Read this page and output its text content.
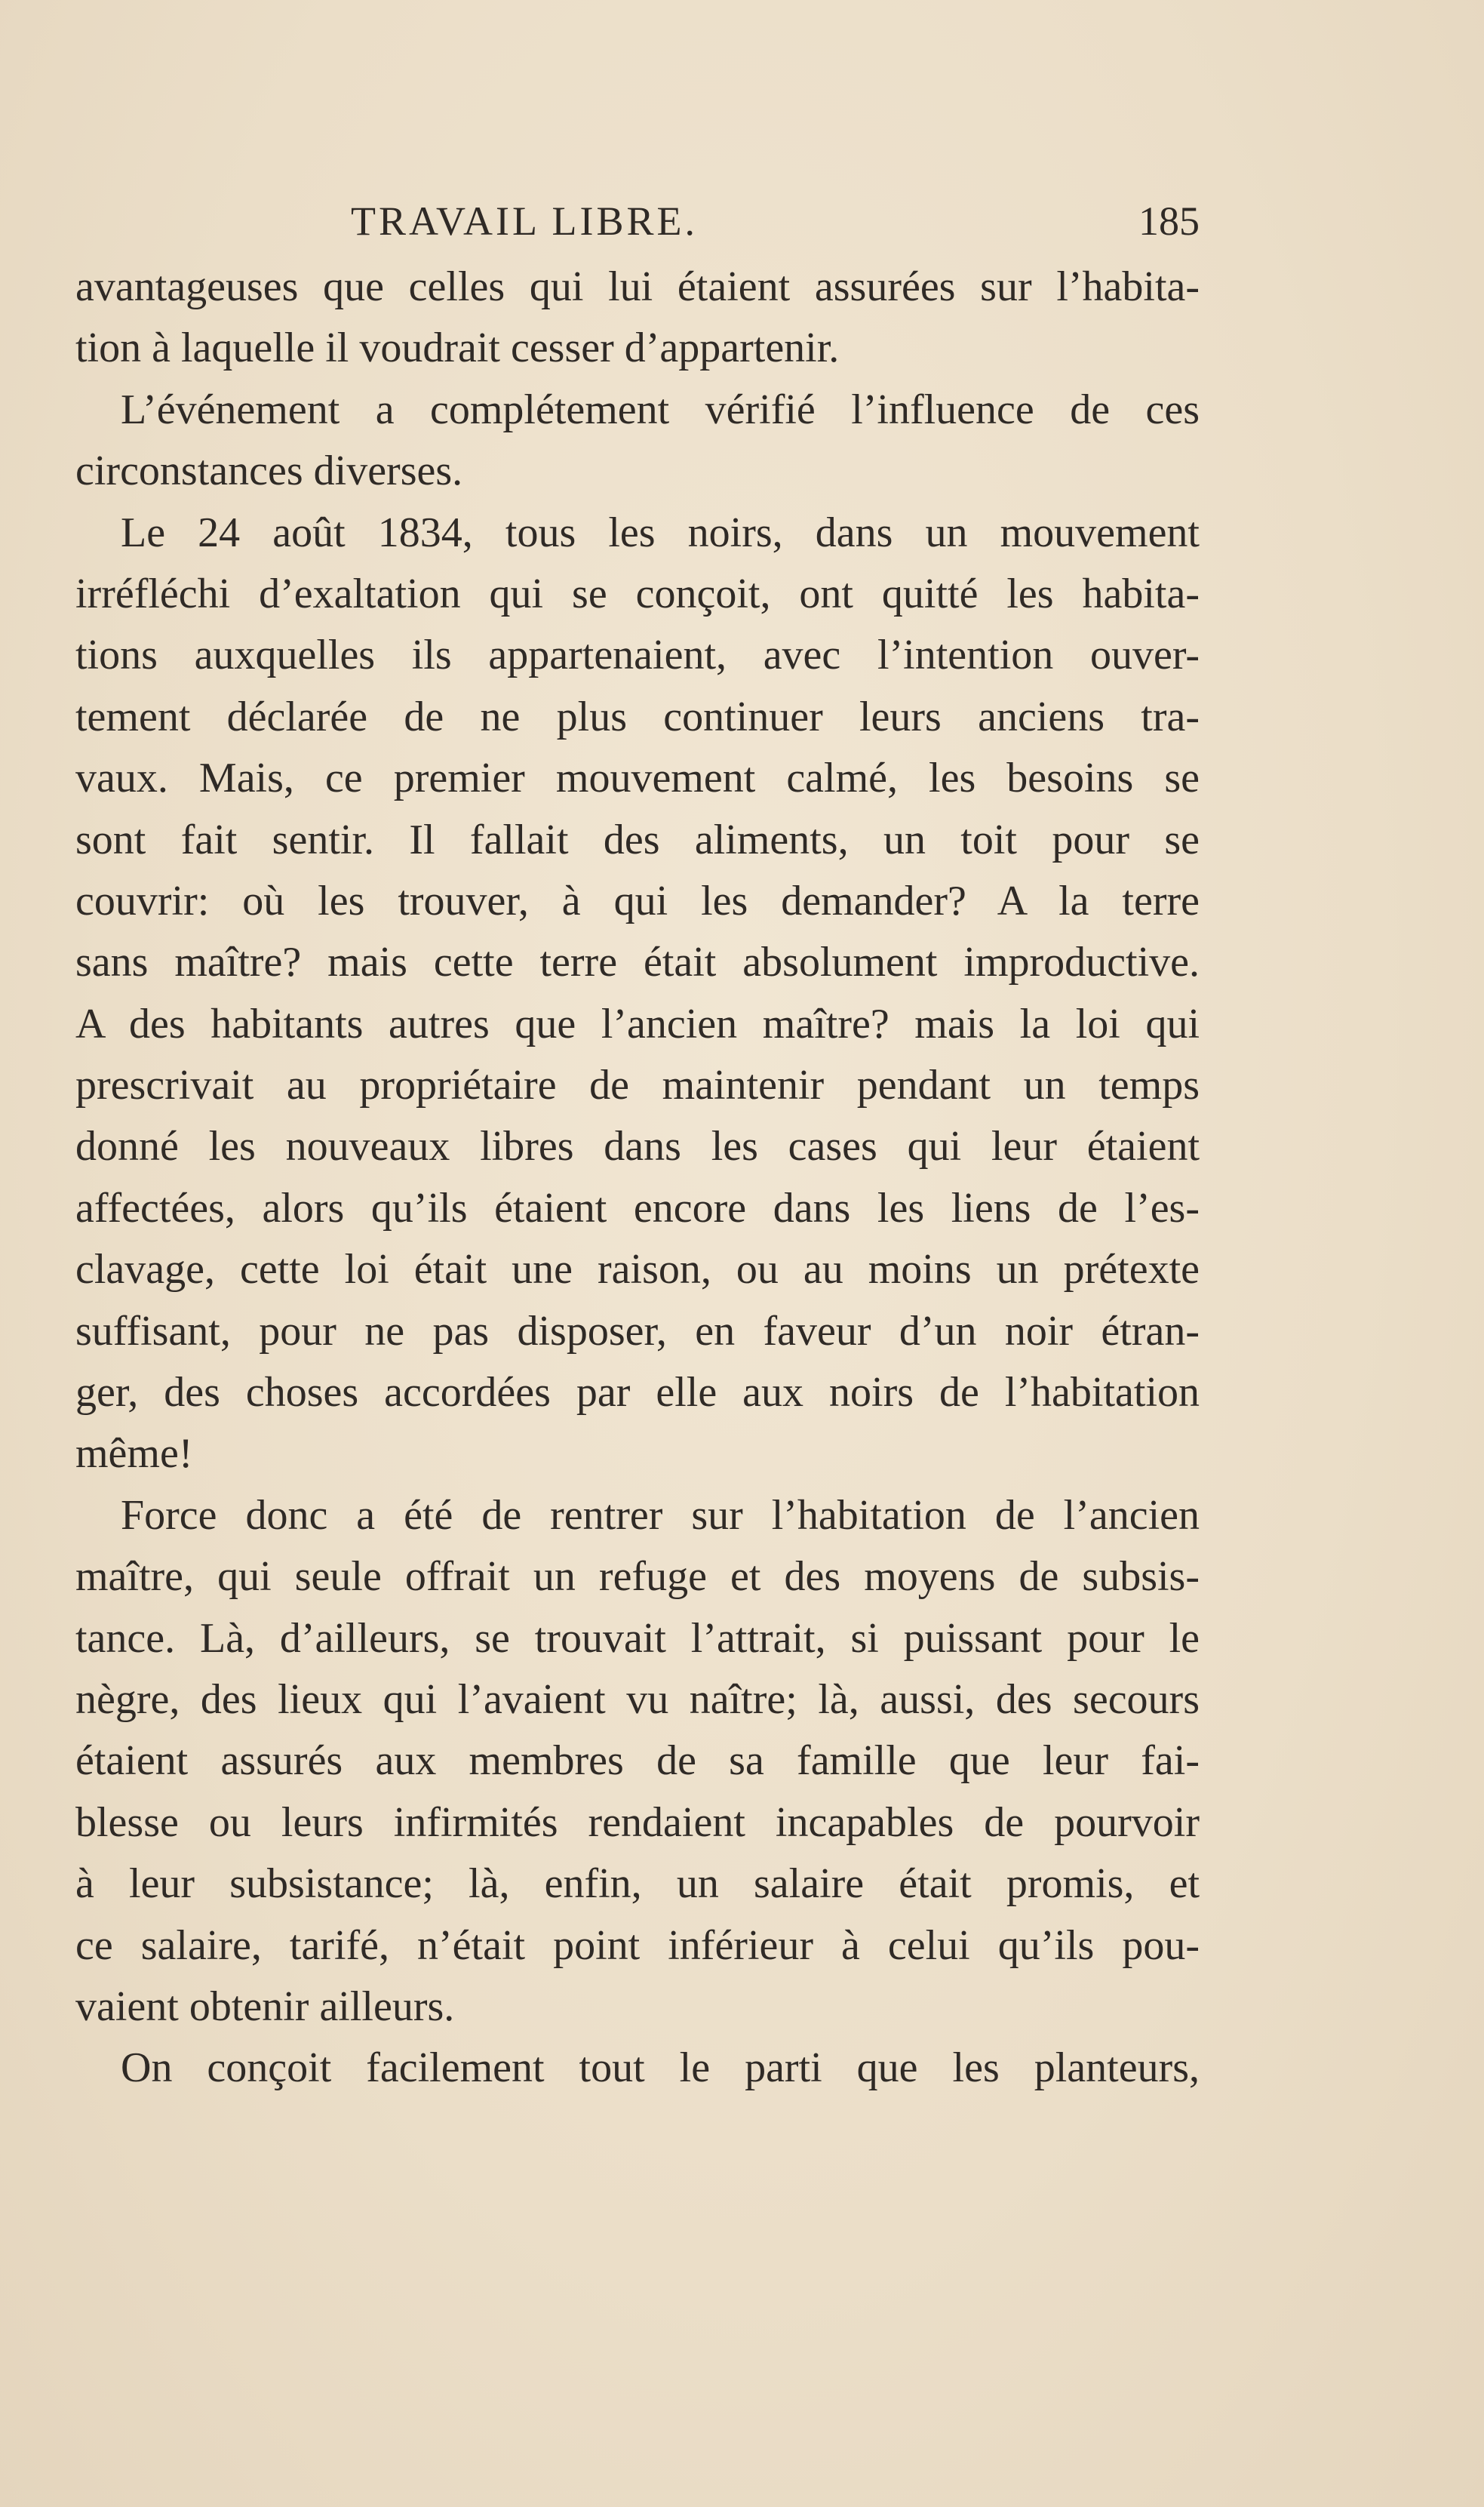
TRAVAIL LIBRE.	185
avantageuses que celles qui lui étaient assurées sur l’habita-
tion à laquelle il voudrait cesser d’appartenir.
L’événement a complétement vérifié l’influence de ces
circonstances diverses.
Le 24 août 1834, tous les noirs, dans un mouvement
irréfléchi d’exaltation qui se conçoit, ont quitté les habita-
tions auxquelles ils appartenaient, avec l’intention ouver-
tement déclarée de ne plus continuer leurs anciens tra-
vaux. Mais, ce premier mouvement calmé, les besoins se
sont fait sentir. Il fallait des aliments, un toit pour se
couvrir: où les trouver, à qui les demander? A la terre
sans maître? mais cette terre était absolument improductive.
A des habitants autres que l’ancien maître? mais la loi qui
prescrivait au propriétaire de maintenir pendant un temps
donné les nouveaux libres dans les cases qui leur étaient
affectées, alors qu’ils étaient encore dans les liens de l’es-
clavage, cette loi était une raison, ou au moins un prétexte
suffisant, pour ne pas disposer, en faveur d’un noir étran-
ger, des choses accordées par elle aux noirs de l’habitation
même!
Force donc a été de rentrer sur l’habitation de l’ancien
maître, qui seule offrait un refuge et des moyens de subsis-
tance. Là, d’ailleurs, se trouvait l’attrait, si puissant pour le
nègre, des lieux qui l’avaient vu naître; là, aussi, des secours
étaient assurés aux membres de sa famille que leur fai-
blesse ou leurs infirmités rendaient incapables de pourvoir
à leur subsistance; là, enfin, un salaire était promis, et
ce salaire, tarifé, n’était point inférieur à celui qu’ils pou-
vaient obtenir ailleurs.
On conçoit facilement tout le parti que les planteurs,
